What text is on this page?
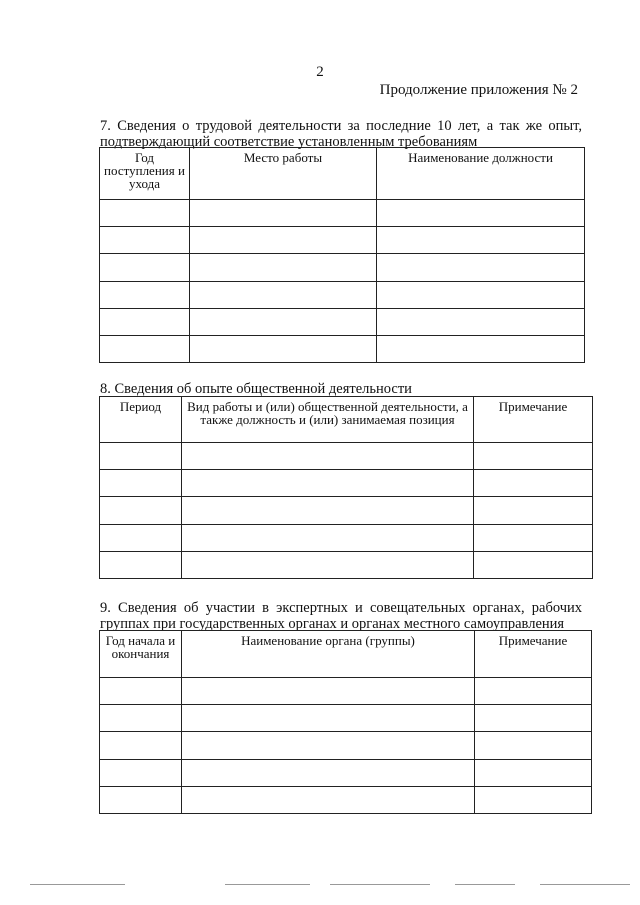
2
Продолжение приложения № 2
7. Сведения о трудовой деятельности за последние 10 лет, а так же опыт,
подтверждающий соответствие установленным требованиям
Год поступления и ухода	Место работы	Наименование должности

8. Сведения об опыте общественной деятельности
Период	Вид работы и (или) общественной деятельности, а также должность и (или) занимаемая позиция	Примечание

9. Сведения об участии в экспертных и совещательных органах, рабочих
группах при государственных органах и органах местного самоуправления
Год начала и окончания	Наименование органа (группы)	Примечание
